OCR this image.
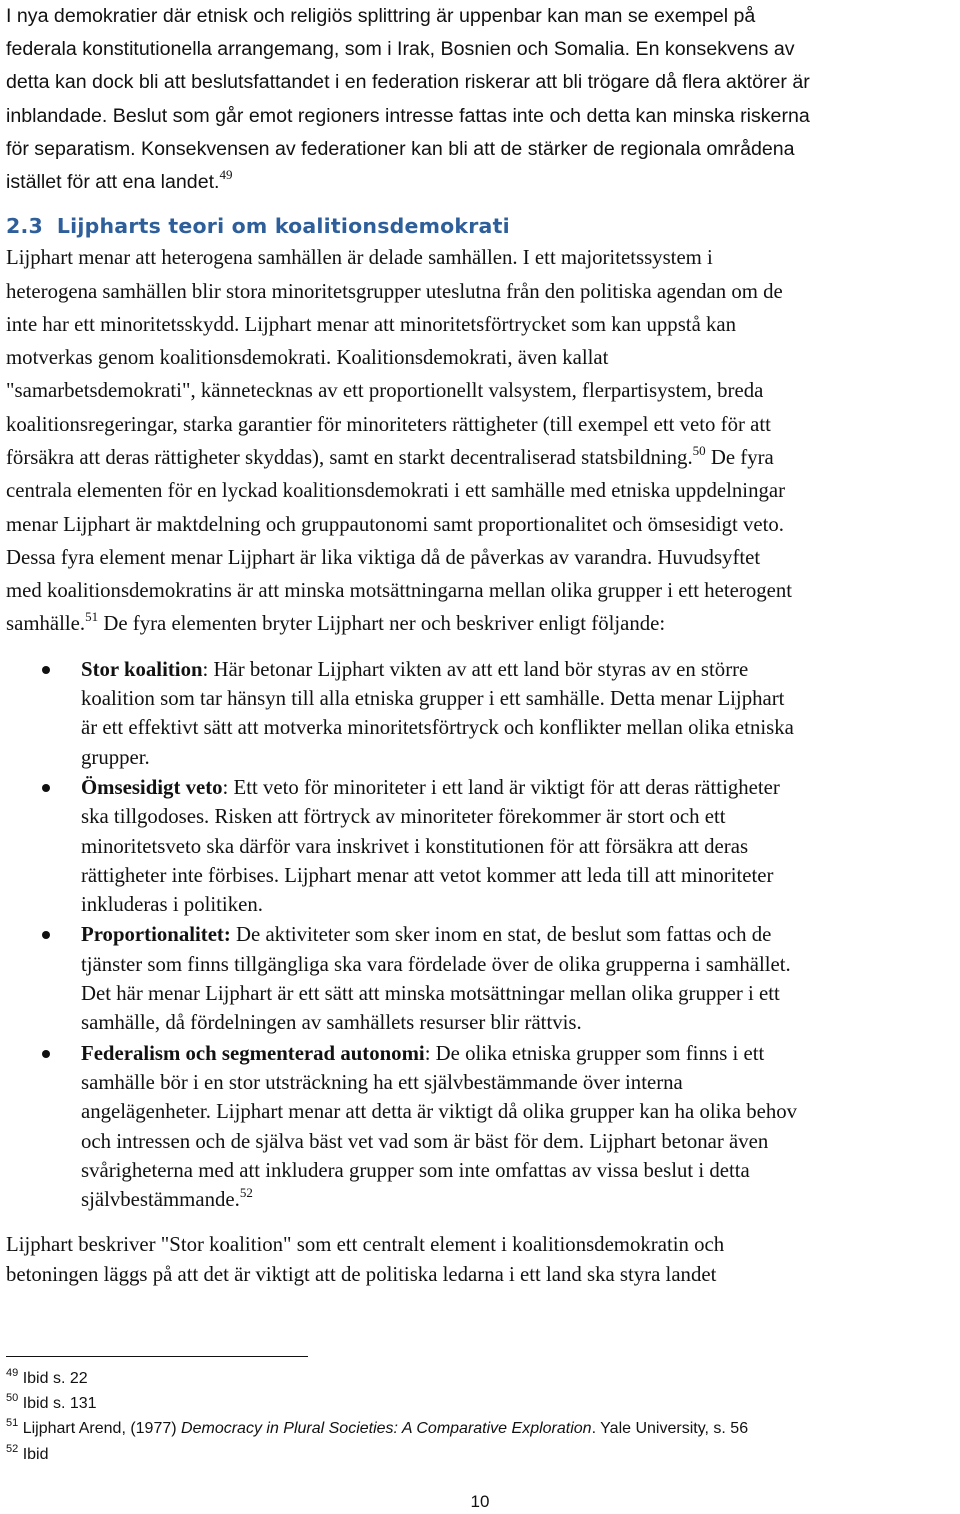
I nya demokratier där etnisk och religiös splittring är uppenbar kan man se exempel på
federala konstitutionella arrangemang, som i Irak, Bosnien och Somalia. En konsekvens av
detta kan dock bli att beslutsfattandet i en federation riskerar att bli trögare då flera aktörer är
inblandade. Beslut som går emot regioners intresse fattas inte och detta kan minska riskerna
för separatism. Konsekvensen av federationer kan bli att de stärker de regionala områdena
istället för att ena landet.$^{49}$

2.3 Lijpharts teori om koalitionsdemokrati

Lijphart menar att heterogena samhällen är delade samhällen. I ett majoritetssystem i
heterogena samhällen blir stora minoritetsgrupper uteslutna från den politiska agendan om de
inte har ett minoritetsskydd. Lijphart menar att minoritetsförtrycket som kan uppstå kan
motverkas genom koalitionsdemokrati. Koalitionsdemokrati, även kallat
"samarbetsdemokrati", kännetecknas av ett proportionellt valsystem, flerpartisystem, breda
koalitionsregeringar, starka garantier för minoriteters rättigheter (till exempel ett veto för att
försäkra att deras rättigheter skyddas), samt en starkt decentraliserad statsbildning.$^{50}$ De fyra
centrala elementen för en lyckad koalitionsdemokrati i ett samhälle med etniska uppdelningar
menar Lijphart är maktdelning och gruppautonomi samt proportionalitet och ömsesidigt veto.
Dessa fyra element menar Lijphart är lika viktiga då de påverkas av varandra. Huvudsyftet
med koalitionsdemokratins är att minska motsättningarna mellan olika grupper i ett heterogent
samhälle.$^{51}$ De fyra elementen bryter Lijphart ner och beskriver enligt följande:

Stor koalition: Här betonar Lijphart vikten av att ett land bör styras av en större
koalition som tar hänsyn till alla etniska grupper i ett samhälle. Detta menar Lijphart
är ett effektivt sätt att motverka minoritetsförtryck och konflikter mellan olika etniska
grupper.
Ömsesidigt veto: Ett veto för minoriteter i ett land är viktigt för att deras rättigheter
ska tillgodoses. Risken att förtryck av minoriteter förekommer är stort och ett
minoritetsveto ska därför vara inskrivet i konstitutionen för att försäkra att deras
rättigheter inte förbises. Lijphart menar att vetot kommer att leda till att minoriteter
inkluderas i politiken.
Proportionalitet: De aktiviteter som sker inom en stat, de beslut som fattas och de
tjänster som finns tillgängliga ska vara fördelade över de olika grupperna i samhället.
Det här menar Lijphart är ett sätt att minska motsättningar mellan olika grupper i ett
samhälle, då fördelningen av samhällets resurser blir rättvis.
Federalism och segmenterad autonomi: De olika etniska grupper som finns i ett
samhälle bör i en stor utsträckning ha ett självbestämmande över interna
angelägenheter. Lijphart menar att detta är viktigt då olika grupper kan ha olika behov
och intressen och de själva bäst vet vad som är bäst för dem. Lijphart betonar även
svårigheterna med att inkludera grupper som inte omfattas av vissa beslut i detta
självbestämmande.$^{52}$

Lijphart beskriver "Stor koalition" som ett centralt element i koalitionsdemokratin och
betoningen läggs på att det är viktigt att de politiska ledarna i ett land ska styra landet

$^{49}$ Ibid s. 22
$^{50}$ Ibid s. 131
$^{51}$ Lijphart Arend, (1977) Democracy in Plural Societies: A Comparative Exploration. Yale University, s. 56
$^{52}$ Ibid
10
